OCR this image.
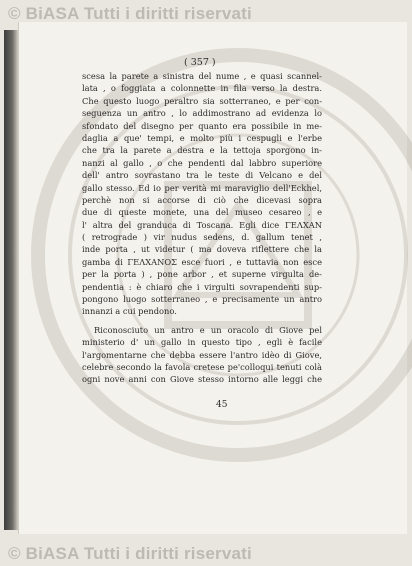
© BiASA Tutti i diritti riservati
© BiASA Tutti i diritti riservati
( 357 )
scesa la parete a sinistra del nume , e quasi scannel-
lata , o foggiata a colonnette in fila verso la destra.
Che questo luogo peraltro sia sotterraneo, e per con-
seguenza un antro , lo addimostrano ad evidenza lo
sfondato del disegno per quanto era possibile in me-
daglia a que' tempi, e molto più i cespugli e l'erbe
che tra la parete a destra e la tettoja sporgono in-
nanzi al gallo , o che pendenti dal labbro superiore
dell' antro sovrastano tra le teste di Velcano e del
gallo stesso. Ed io per verità mi maraviglio dell'Eckhel,
perchè non si accorse di ciò che dicevasi sopra
due di queste monete, una del museo cesareo , e
l' altra del granduca di Toscana. Egli dice ΓΕΛΧΑΝ
( retrograde ) vir nudus sedens, d. gallum tenet ,
inde porta , ut videtur ( ma doveva riflettere che la
gamba di ΓΕΛΧΑΝΟΣ esce fuori , e tuttavia non esce
per la porta ) , pone arbor , et superne virgulta de-
pendentia : è chiaro che i virgulti sovrapendenti sup-
pongono luogo sotterraneo , e precisamente un antro
innanzi a cui pendono.
Riconosciuto un antro e un oracolo di Giove pel
ministerio d' un gallo in questo tipo , egli è facile
l'argomentarne che debba essere l'antro idèo di Giove,
celebre secondo la favola cretese pe'colloqui tenuti colà
ogni nove anni con Giove stesso intorno alle leggi che
45
